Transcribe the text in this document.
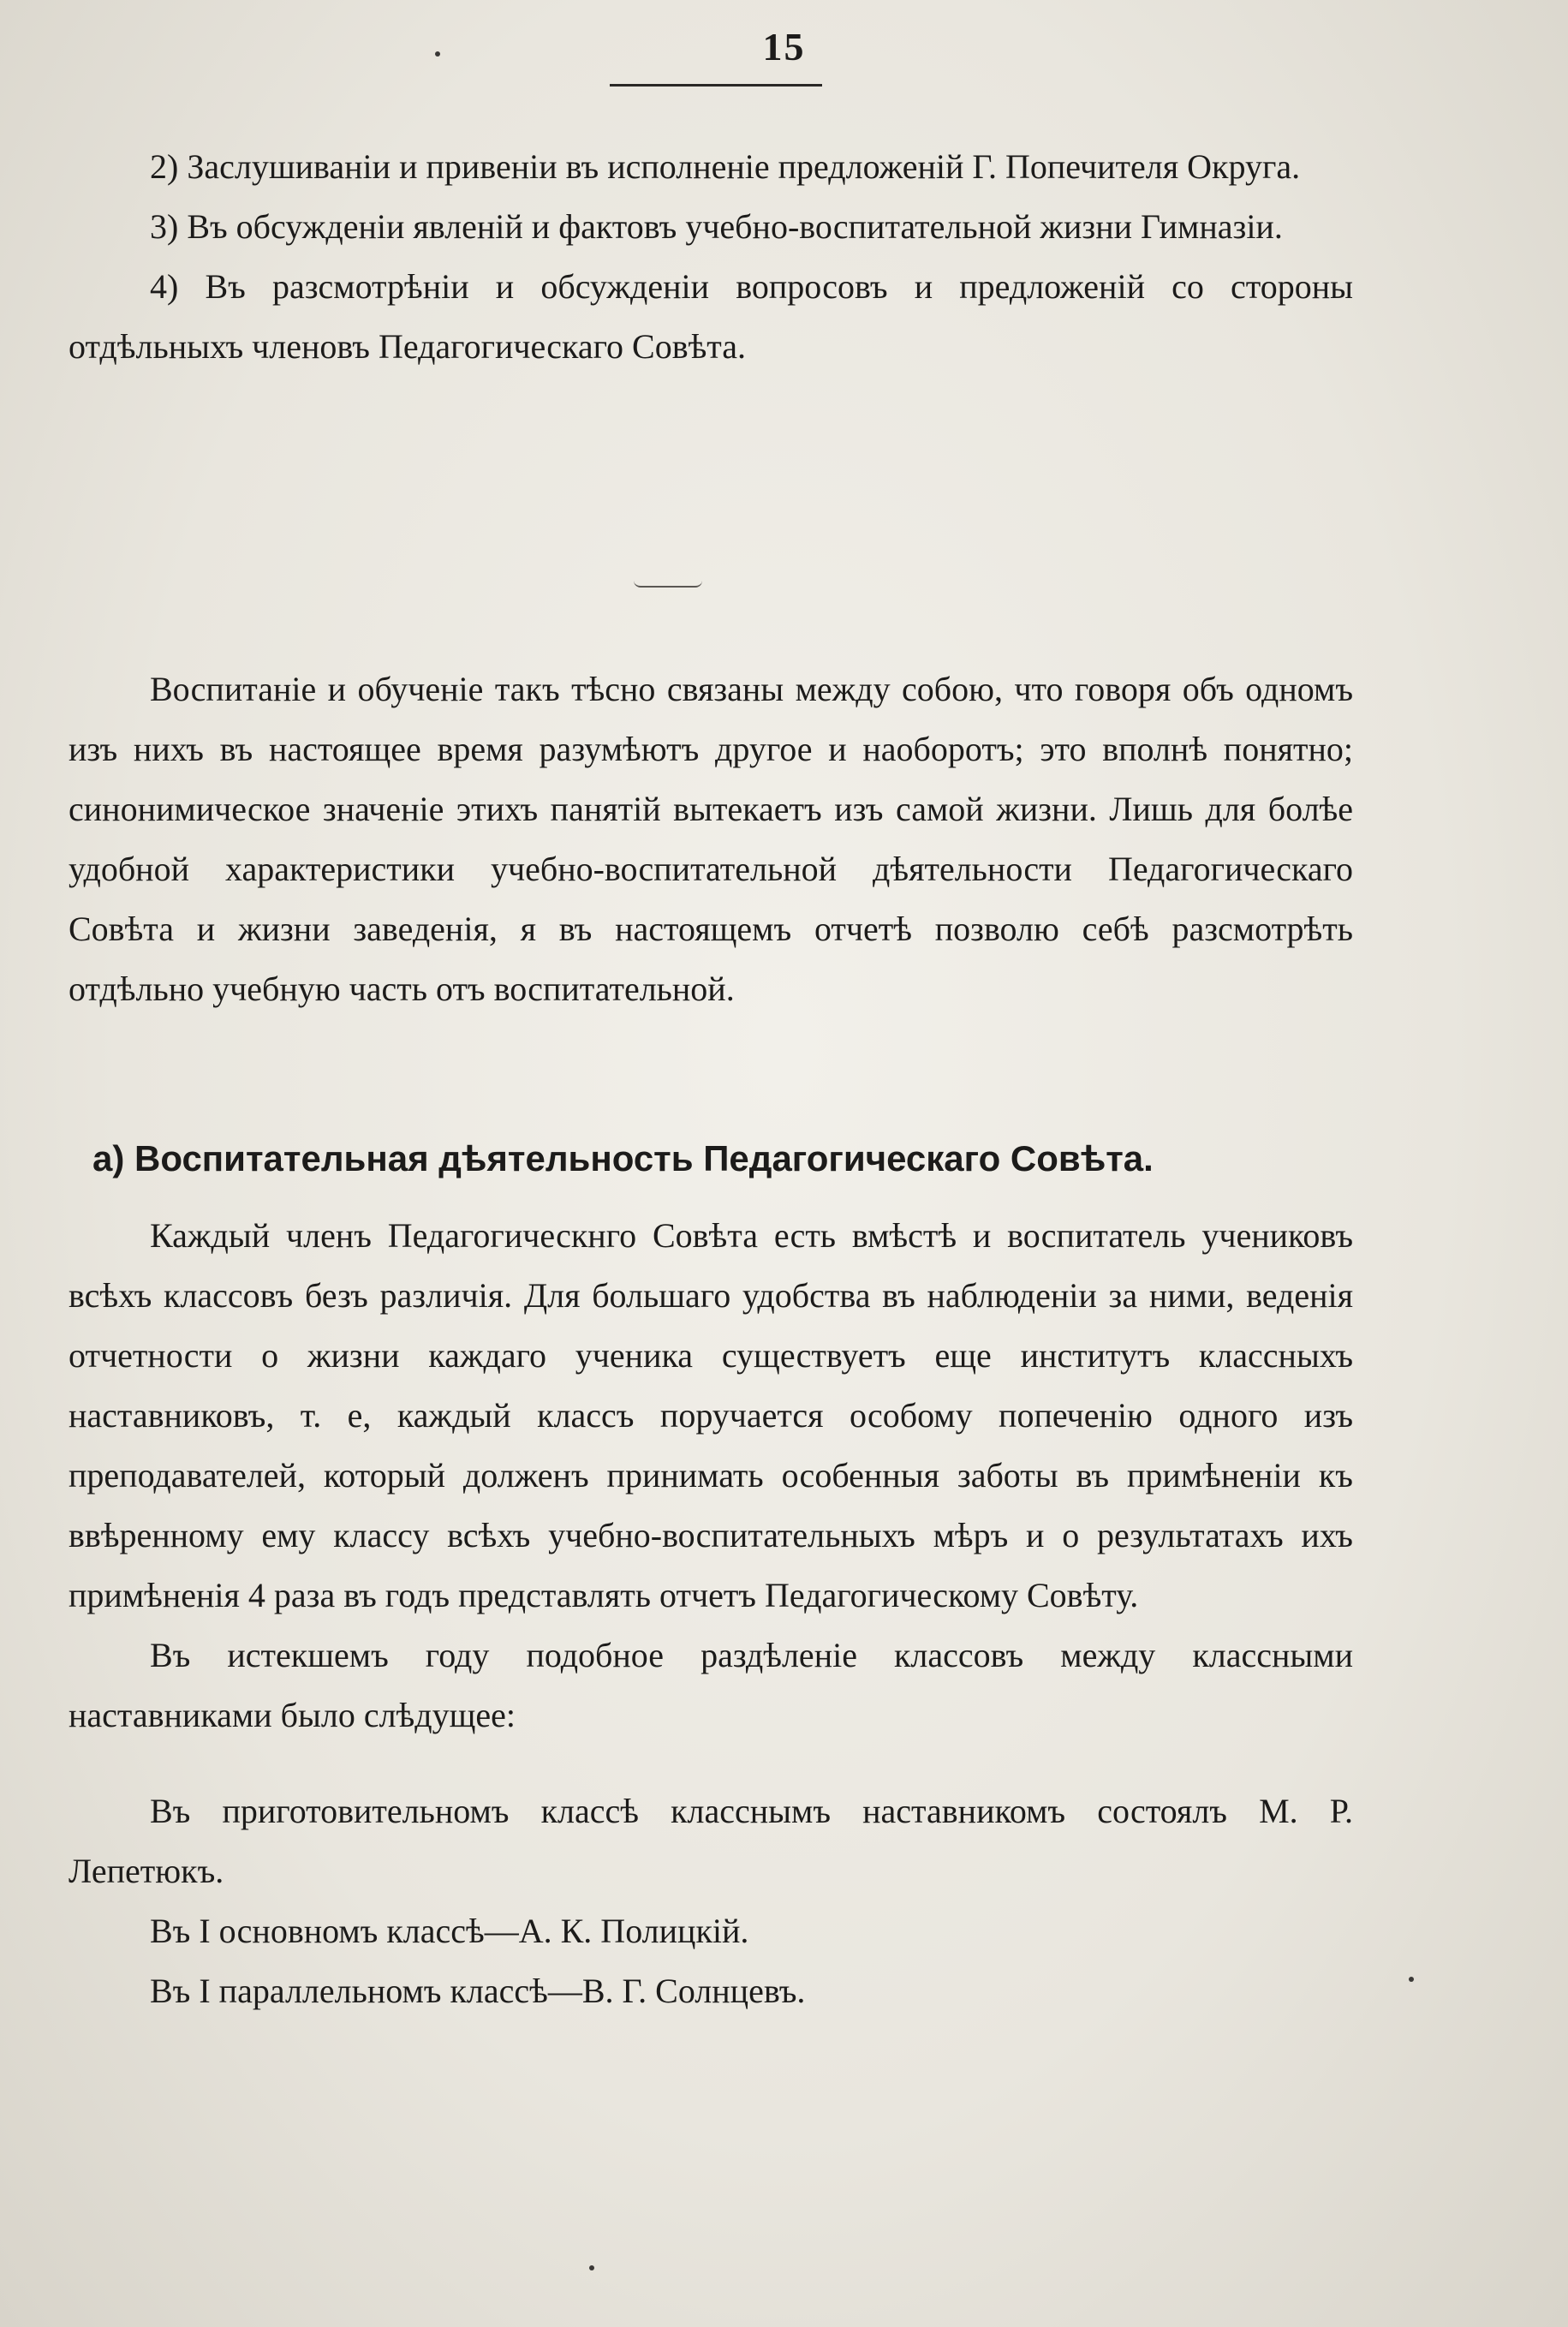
15

2) Заслушиванiи и привенiи въ исполненiе предложенiй Г. Попечителя Округа.

3) Въ обсужденiи явленiй и фактовъ учебно-воспитательной жизни Гимназiи.

4) Въ разсмотрѣнiи и обсужденiи вопросовъ и предложенiй со стороны отдѣльныхъ членовъ Педагогическаго Совѣта.

Воспитанiе и обученiе такъ тѣсно связаны между собою, что говоря объ одномъ изъ нихъ въ настоящее время разумѣютъ другое и наоборотъ; это вполнѣ понятно; синонимическое значенiе этихъ панятiй вытекаетъ изъ самой жизни. Лишь для болѣе удобной характеристики учебно-воспитательной дѣятельности Педагогическаго Совѣта и жизни заведенiя, я въ настоящемъ отчетѣ позволю себѣ разсмотрѣть отдѣльно учебную часть отъ воспитательной.

а) Воспитательная дѣятельность Педагогическаго Совѣта.

Каждый членъ Педагогическнго Совѣта есть вмѣстѣ и воспитатель учениковъ всѣхъ классовъ безъ различiя. Для большаго удобства въ наблюденiи за ними, веденiя отчетности о жизни каждаго ученика существуетъ еще институтъ классныхъ наставниковъ, т. е, каждый классъ поручается особому попеченiю одного изъ преподавателей, который долженъ принимать особенныя заботы въ примѣненiи къ ввѣренному ему классу всѣхъ учебно-воспитательныхъ мѣръ и о результатахъ ихъ примѣненiя 4 раза въ годъ представлять отчетъ Педагогическому Совѣту.

Въ истекшемъ году подобное раздѣленiе классовъ между классными наставниками было слѣдущее:

Въ приготовительномъ классѣ класснымъ наставникомъ состоялъ М. Р. Лепетюкъ.

Въ I основномъ классѣ—А. К. Полицкiй.

Въ I параллельномъ классѣ—В. Г. Солнцевъ.
